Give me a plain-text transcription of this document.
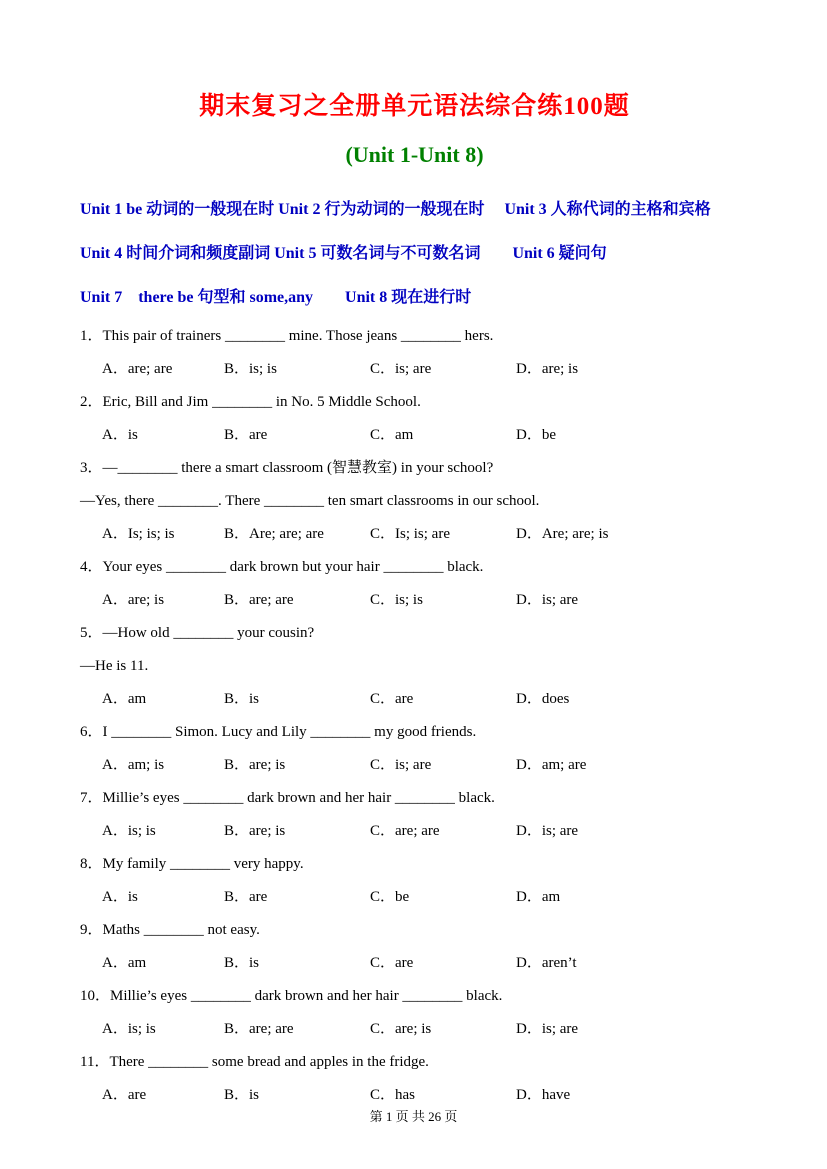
期末复习之全册单元语法综合练100题
(Unit 1-Unit 8)
Unit 1 be 动词的一般现在时 Unit 2 行为动词的一般现在时　 Unit 3 人称代词的主格和宾格
Unit 4 时间介词和频度副词 Unit 5 可数名词与不可数名词　　Unit 6 疑问句
Unit 7　there be 句型和 some,any　　Unit 8 现在进行时
1．This pair of trainers ________ mine. Those jeans ________ hers.
A．are; are	B．is; is	C．is; are	D．are; is
2．Eric, Bill and Jim ________ in No. 5 Middle School.
A．is	B．are	C．am	D．be
3．—________ there a smart classroom (智慧教室) in your school?
—Yes, there ________. There ________ ten smart classrooms in our school.
A．Is; is; is	B．Are; are; are	C．Is; is; are	D．Are; are; is
4．Your eyes ________ dark brown but your hair ________ black.
A．are; is	B．are; are	C．is; is	D．is; are
5．—How old ________ your cousin?
—He is 11.
A．am	B．is	C．are	D．does
6．I ________ Simon. Lucy and Lily ________ my good friends.
A．am; is	B．are; is	C．is; are	D．am; are
7．Millie’s eyes ________ dark brown and her hair ________ black.
A．is; is	B．are; is	C．are; are	D．is; are
8．My family ________ very happy.
A．is	B．are	C．be	D．am
9．Maths ________ not easy.
A．am	B．is	C．are	D．aren’t
10．Millie’s eyes ________ dark brown and her hair ________ black.
A．is; is	B．are; are	C．are; is	D．is; are
11．There ________ some bread and apples in the fridge.
A．are	B．is	C．has	D．have
第 1 页 共 26 页
